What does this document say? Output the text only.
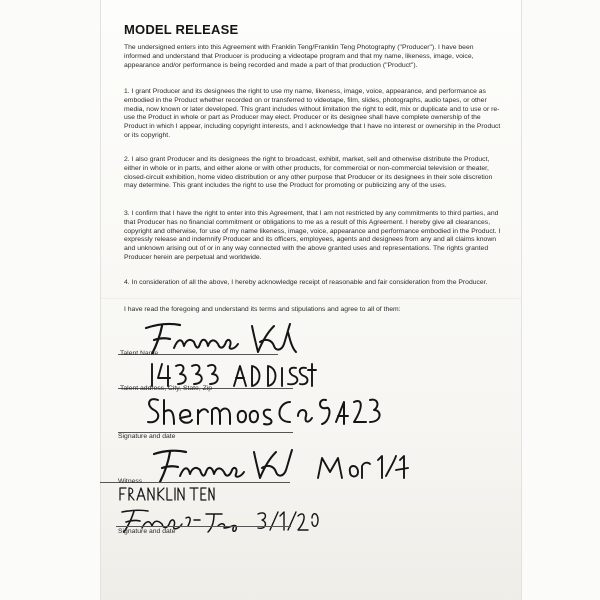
MODEL RELEASE

The undersigned enters into this Agreement with Franklin Teng/Franklin Teng Photography ("Producer"). I have been informed and understand that Producer is producing a videotape program and that my name, likeness, image, voice, appearance and/or performance is being recorded and made a part of that production ("Product").

1. I grant Producer and its designees the right to use my name, likeness, image, voice, appearance, and performance as embodied in the Product whether recorded on or transferred to videotape, film, slides, photographs, audio tapes, or other media, now known or later developed. This grant includes without limitation the right to edit, mix or duplicate and to use or re-use the Product in whole or part as Producer may elect. Producer or its designee shall have complete ownership of the Product in which I appear, including copyright interests, and I acknowledge that I have no interest or ownership in the Product or its copyright.

2. I also grant Producer and its designees the right to broadcast, exhibit, market, sell and otherwise distribute the Product, either in whole or in parts, and either alone or with other products, for commercial or non-commercial television or theater, closed-circuit exhibition, home video distribution or any other purpose that Producer or its designees in their sole discretion may determine. This grant includes the right to use the Product for promoting or publicizing any of the uses.

3. I confirm that I have the right to enter into this Agreement, that I am not restricted by any commitments to third parties, and that Producer has no financial commitment or obligations to me as a result of this Agreement. I hereby give all clearances, copyright and otherwise, for use of my name likeness, image, voice, appearance and performance embodied in the Product. I expressly release and indemnify Producer and its officers, employees, agents and designees from any and all claims known and unknown arising out of or in any way connected with the above granted uses and representations. The rights granted Producer herein are perpetual and worldwide.

4. In consideration of all the above, I hereby acknowledge receipt of reasonable and fair consideration from the Producer.

I have read the foregoing and understand its terms and stipulations and agree to all of them:

Talent Name
Talent address, City, State, Zip
Signature and date
Witness
Signature and date
